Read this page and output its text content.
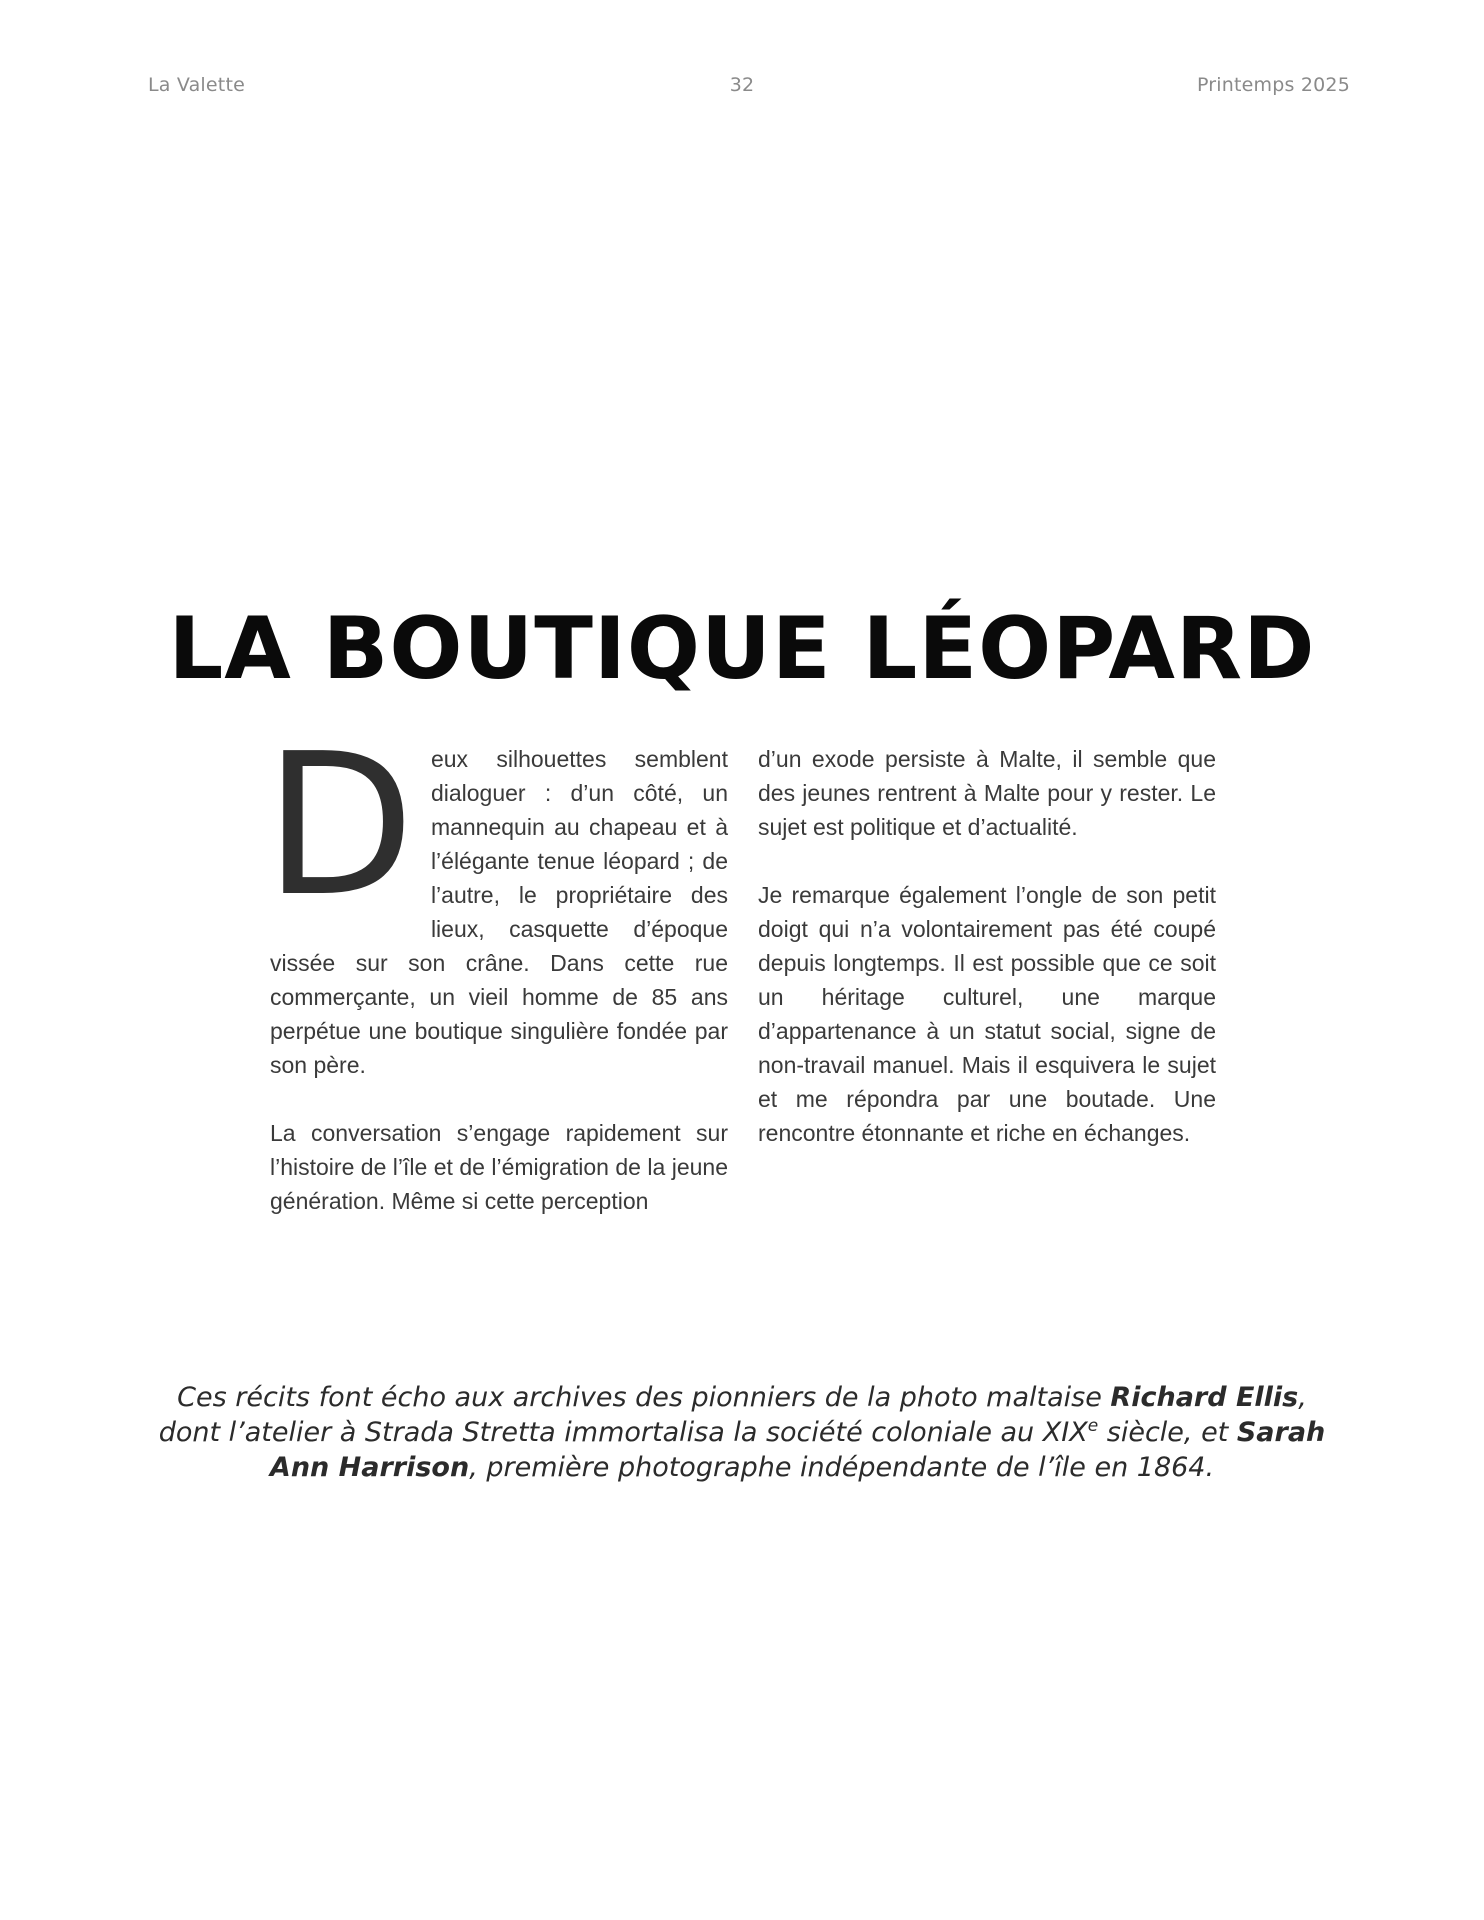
La Valette	32	Printemps 2025
LA BOUTIQUE LÉOPARD

Deux silhouettes semblent dialoguer : d’un côté, un mannequin au chapeau et à l’élégante tenue léopard ; de l’autre, le propriétaire des lieux, casquette d’époque vissée sur son crâne. Dans cette rue commerçante, un vieil homme de 85 ans perpétue une boutique singulière fondée par son père.

La conversation s’engage rapidement sur l’histoire de l’île et de l’émigration de la jeune génération. Même si cette perception

d’un exode persiste à Malte, il semble que des jeunes rentrent à Malte pour y rester. Le sujet est politique et d’actualité.

Je remarque également l’ongle de son petit doigt qui n’a volontairement pas été coupé depuis longtemps. Il est possible que ce soit un héritage culturel, une marque d’appartenance à un statut social, signe de non-travail manuel. Mais il esquivera le sujet et me répondra par une boutade. Une rencontre étonnante et riche en échanges.

Ces récits font écho aux archives des pionniers de la photo maltaise Richard Ellis, dont l’atelier à Strada Stretta immortalisa la société coloniale au XIXe siècle, et Sarah Ann Harrison, première photographe indépendante de l’île en 1864.
